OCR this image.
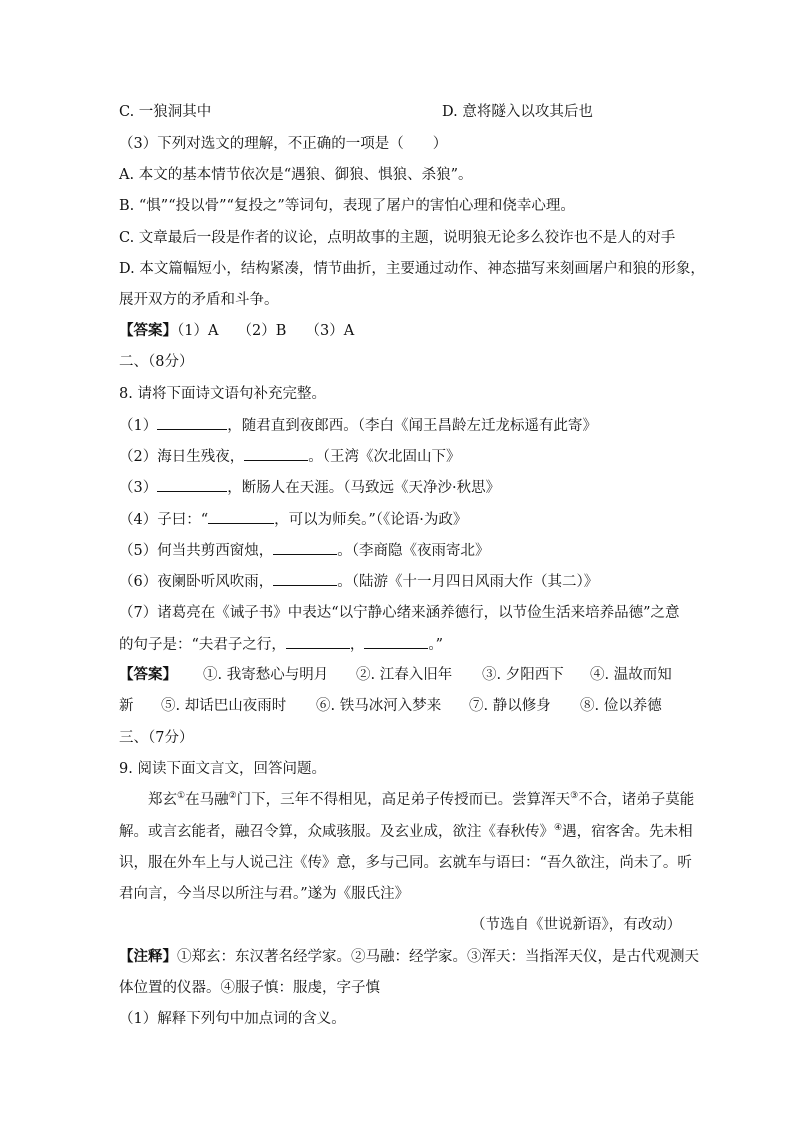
C. 一狼洞其中	D. 意将隧入以攻其后也
（3）下列对选文的理解，不正确的一项是（　　）
A. 本文的基本情节依次是“遇狼、御狼、惧狼、杀狼”。
B. “惧”“投以骨”“复投之”等词句，表现了屠户的害怕心理和侥幸心理。
C. 文章最后一段是作者的议论，点明故事的主题，说明狼无论多么狡诈也不是人的对手
D. 本文篇幅短小，结构紧凑，情节曲折，主要通过动作、神态描写来刻画屠户和狼的形象，
展开双方的矛盾和斗争。
【答案】（1）A　 （2）B　 （3）A
二、（8分）
8. 请将下面诗文语句补充完整。
（1）	，随君直到夜郎西。（李白《闻王昌龄左迁龙标遥有此寄》
（2）海日生残夜，	。（王湾《次北固山下》
（3）	，断肠人在天涯。（马致远《天净沙·秋思》
（4）子曰：“	，可以为师矣。”（《论语·为政》
（5）何当共剪西窗烛，	。（李商隐《夜雨寄北》
（6）夜阑卧听风吹雨，	。（陆游《十一月四日风雨大作（其二）》
（7）诸葛亮在《诫子书》中表达“以宁静心绪来涵养德行，以节俭生活来培养品德”之意
的句子是：“夫君子之行，	，	。”
【答案】 ①. 我寄愁心与明月 ②. 江春入旧年 ③. 夕阳西下 ④. 温故而知
新 ⑤. 却话巴山夜雨时 ⑥. 铁马冰河入梦来 ⑦. 静以修身 ⑧. 俭以养德
三、（7分）
9. 阅读下面文言文，回答问题。
郑玄①在马融②门下，三年不得相见，高足弟子传授而已。尝算浑天③不合，诸弟子莫能
解。或言玄能者，融召令算，众咸骇服。及玄业成，欲注《春秋传》④遇，宿客舍。先未相
识，服在外车上与人说己注《传》意，多与己同。玄就车与语曰：“吾久欲注，尚未了。听
君向言，今当尽以所注与君。”遂为《服氏注》
（节选自《世说新语》，有改动）
【注释】①郑玄：东汉著名经学家。②马融：经学家。③浑天：当指浑天仪，是古代观测天
体位置的仪器。④服子慎：服虔，字子慎
（1）解释下列句中加点词的含义。
